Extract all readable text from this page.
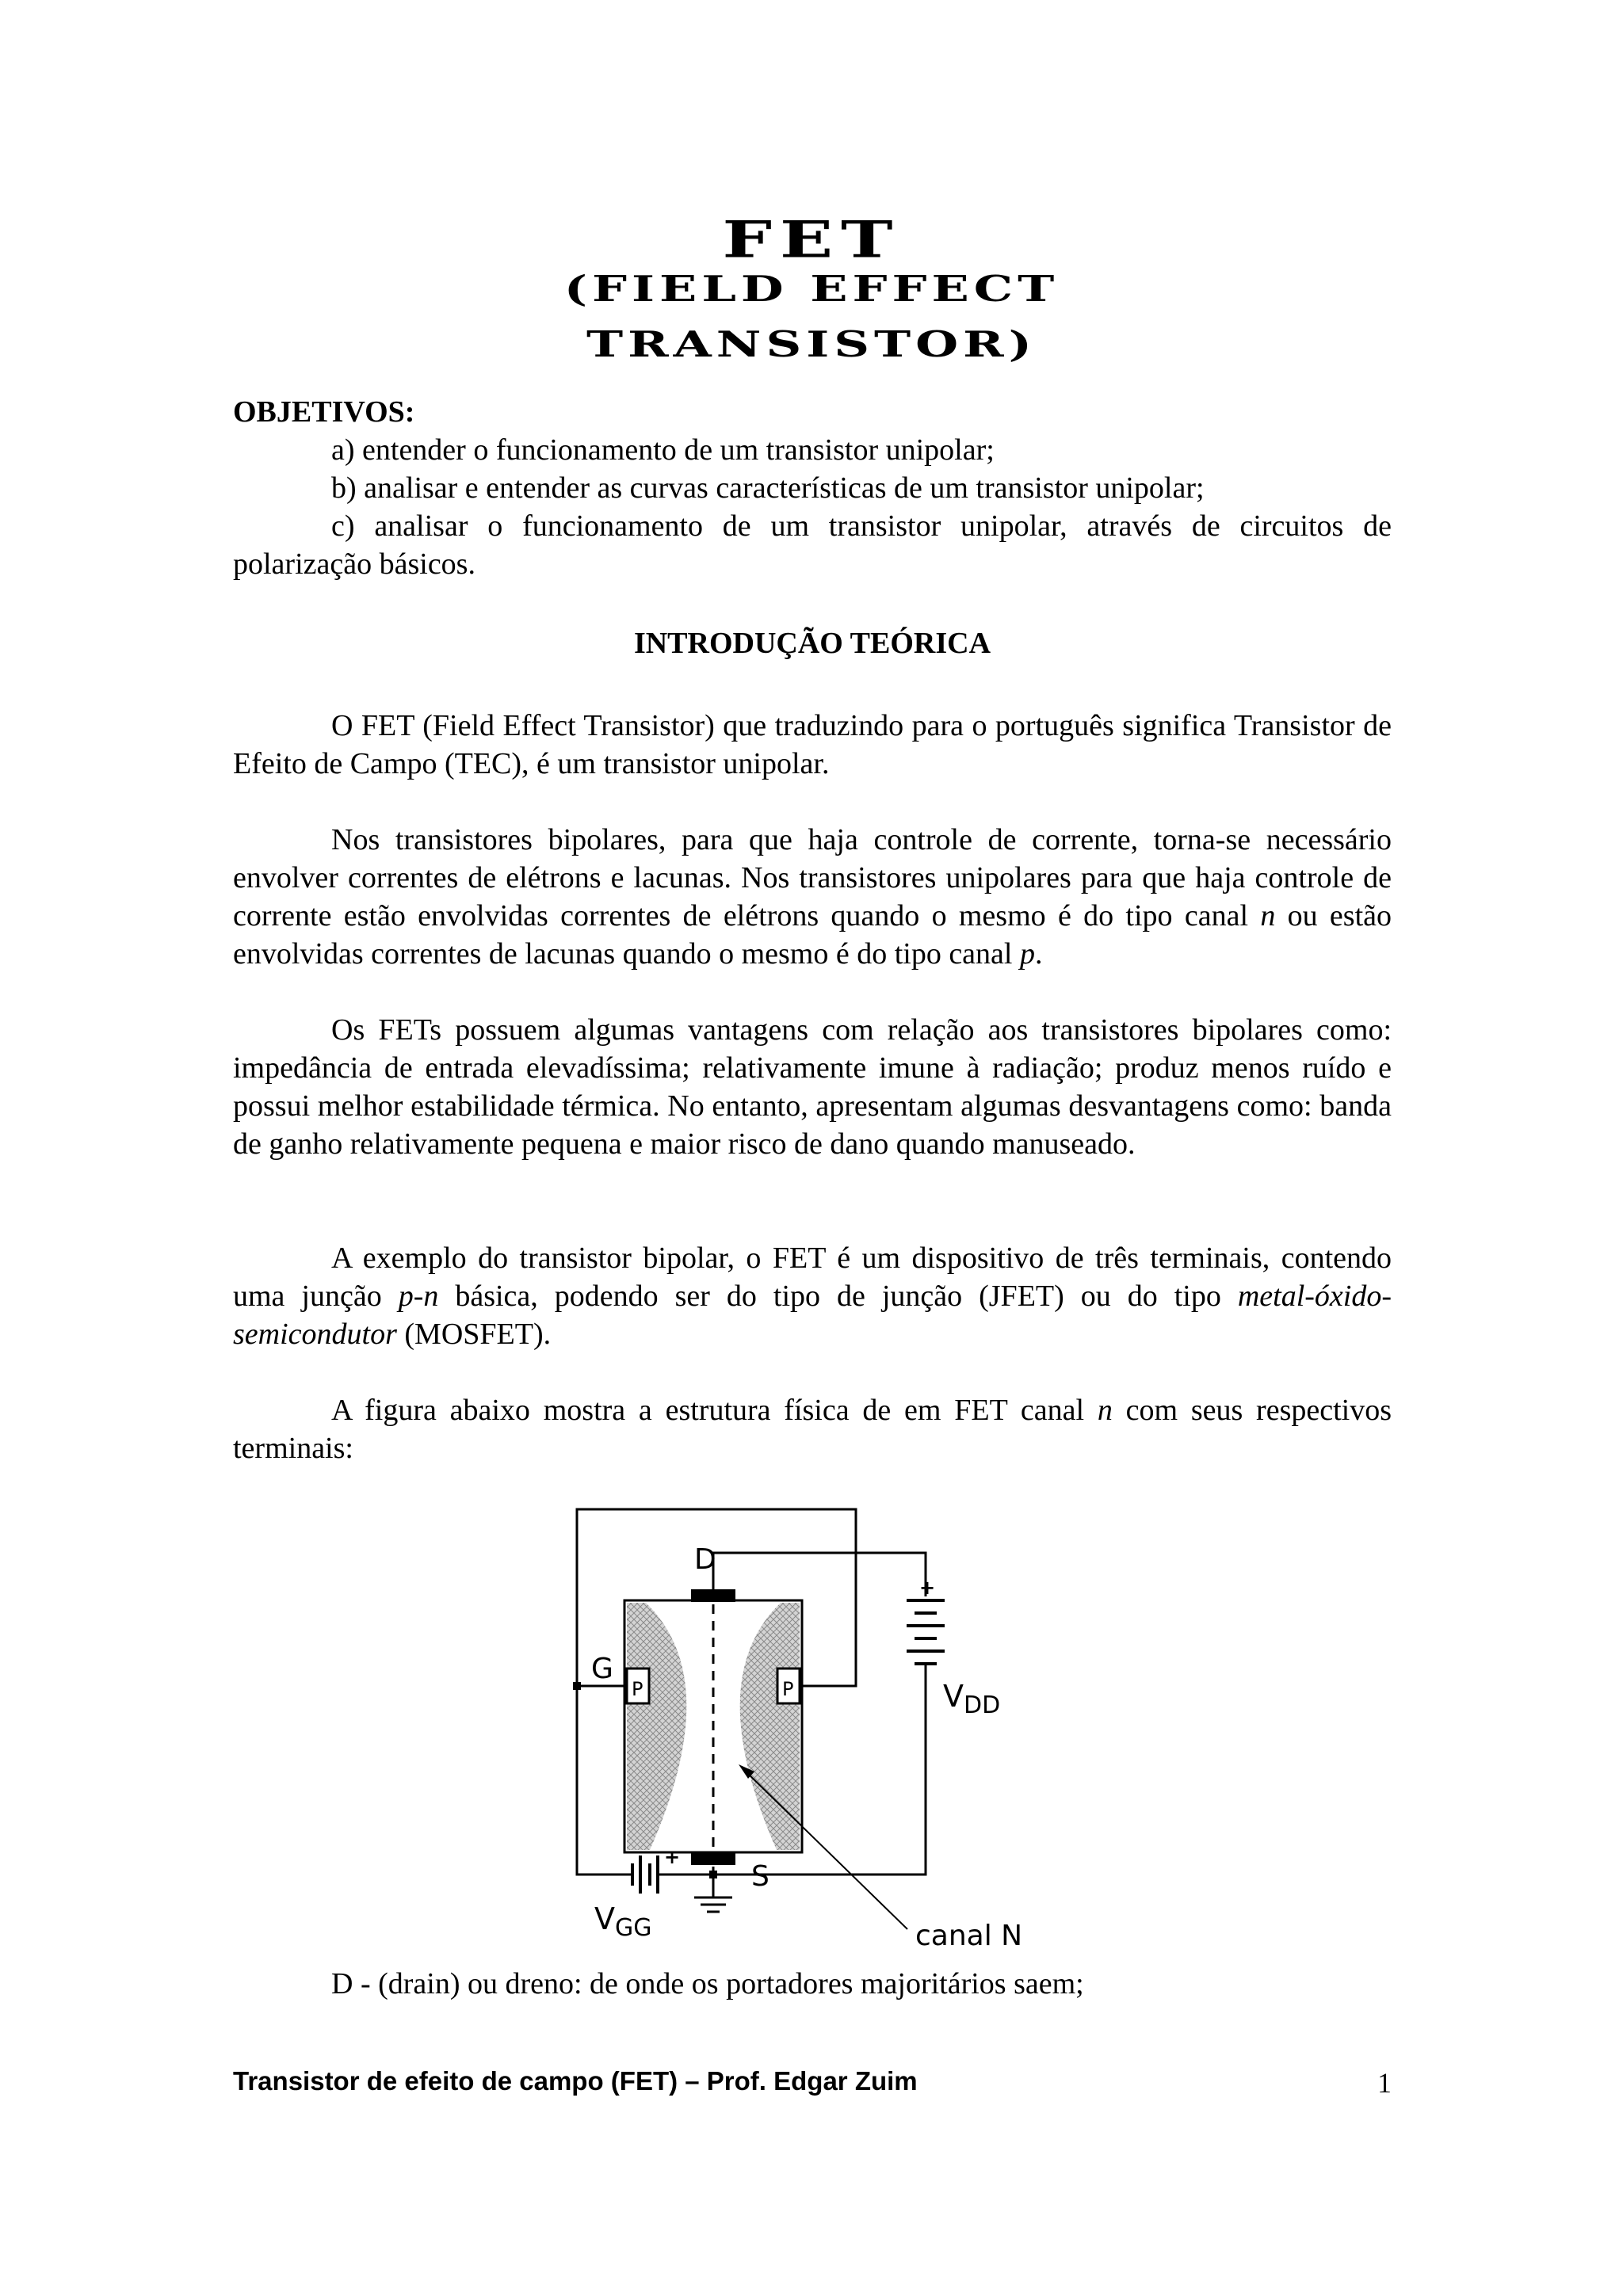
FET
(FIELD EFFECT
TRANSISTOR)
OBJETIVOS:
a) entender o funcionamento de um transistor unipolar;
b) analisar e entender as curvas características de um transistor unipolar;
c) analisar o funcionamento de um transistor unipolar, através de circuitos de polarização básicos.
INTRODUÇÃO TEÓRICA
O FET (Field Effect Transistor) que traduzindo para o português significa Transistor de Efeito de Campo (TEC), é um transistor unipolar.
Nos transistores bipolares, para que haja controle de corrente, torna-se necessário envolver correntes de elétrons e lacunas. Nos transistores unipolares para que haja controle de corrente estão envolvidas correntes de elétrons quando o mesmo é do tipo canal n ou estão envolvidas correntes de lacunas quando o mesmo é do tipo canal p.
Os FETs possuem algumas vantagens com relação aos transistores bipolares como: impedância de entrada elevadíssima; relativamente imune à radiação; produz menos ruído e possui melhor estabilidade térmica. No entanto, apresentam algumas desvantagens como: banda de ganho relativamente pequena e maior risco de dano quando manuseado.
A exemplo do transistor bipolar, o FET é um dispositivo de três terminais, contendo uma junção p-n básica, podendo ser do tipo de junção (JFET) ou do tipo metal-óxido-semicondutor (MOSFET).
A figura abaixo mostra a estrutura física de em FET canal n com seus respectivos terminais:
D
G
S
P	P
+
+
$V_{DD}$
$V_{GG}$	canal N
D - (drain) ou dreno: de onde os portadores majoritários saem;
Transistor de efeito de campo (FET) – Prof. Edgar Zuim	1
